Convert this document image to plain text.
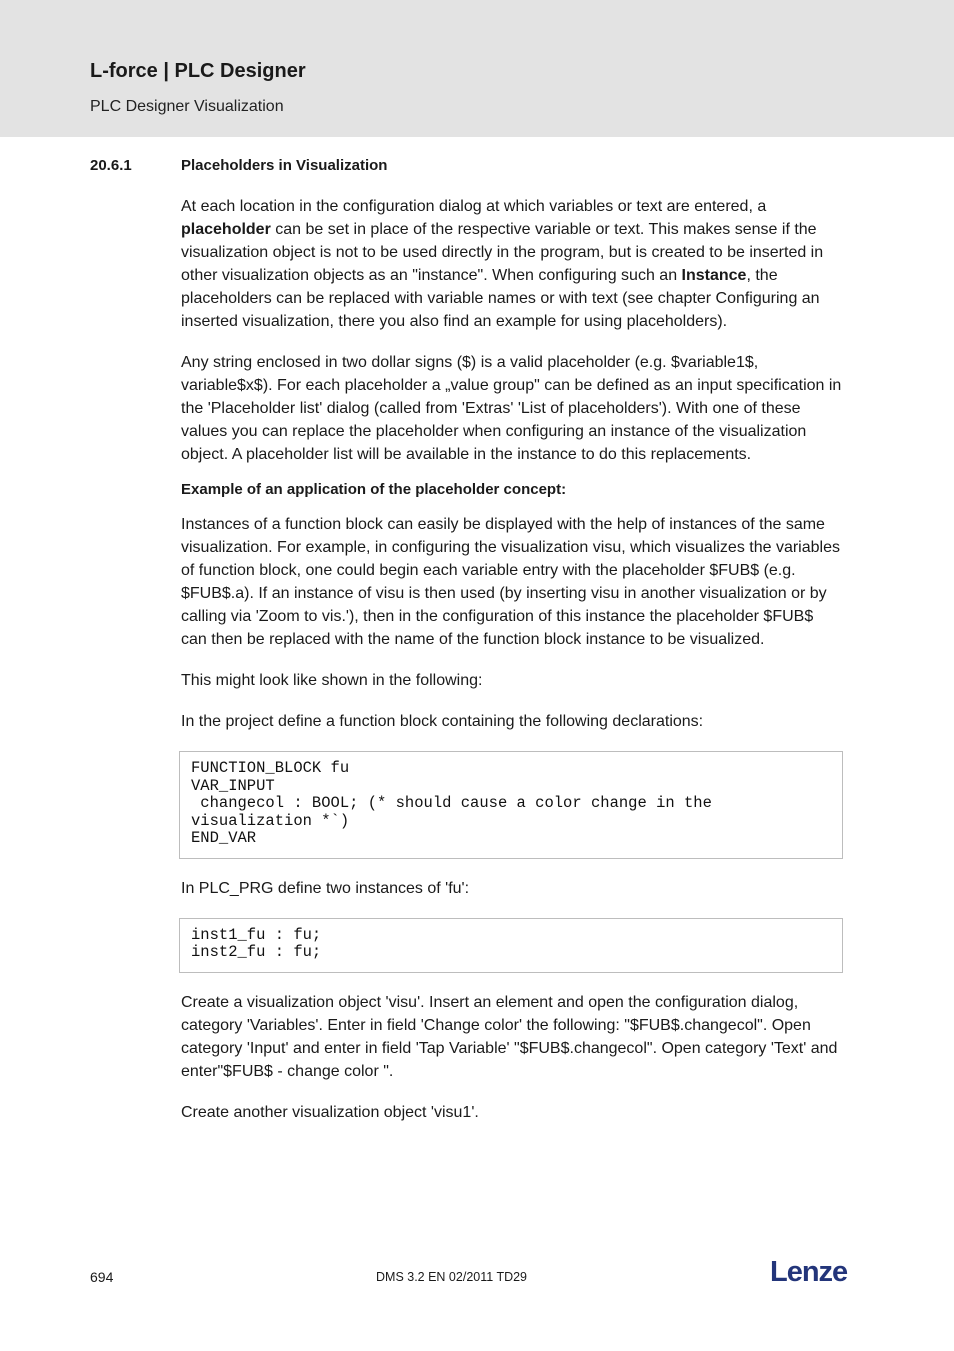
L-force | PLC Designer
PLC Designer Visualization
20.6.1	Placeholders in Visualization

At each location in the configuration dialog at which variables or text are entered, a placeholder can be set in place of the respective variable or text. This makes sense if the visualization object is not to be used directly in the program, but is created to be inserted in other visualization objects as an "instance". When configuring such an Instance, the placeholders can be replaced with variable names or with text (see chapter Configuring an inserted visualization, there you also find an example for using placeholders).

Any string enclosed in two dollar signs ($) is a valid placeholder (e.g. $variable1$, variable$x$). For each placeholder a „value group" can be defined as an input specification in the 'Placeholder list' dialog (called from 'Extras' 'List of placeholders'). With one of these values you can replace the placeholder when configuring an instance of the visualization object. A placeholder list will be available in the instance to do this replacements.

Example of an application of the placeholder concept:

Instances of a function block can easily be displayed with the help of instances of the same visualization. For example, in configuring the visualization visu, which visualizes the variables of function block, one could begin each variable entry with the placeholder $FUB$ (e.g. $FUB$.a). If an instance of visu is then used (by inserting visu in another visualization or by calling via 'Zoom to vis.'), then in the configuration of this instance the placeholder $FUB$ can then be replaced with the name of the function block instance to be visualized.

This might look like shown in the following:

In the project define a function block containing the following declarations:

FUNCTION_BLOCK fu
VAR_INPUT
changecol : BOOL; (* should cause a color change in the
visualization *`)
END_VAR

In PLC_PRG define two instances of 'fu':

inst1_fu : fu;
inst2_fu : fu;

Create a visualization object 'visu'. Insert an element and open the configuration dialog, category 'Variables'. Enter in field 'Change color' the following: "$FUB$.changecol". Open category 'Input' and enter in field 'Tap Variable' "$FUB$.changecol". Open category 'Text' and enter"$FUB$ - change color ".

Create another visualization object 'visu1'.

694	DMS 3.2 EN 02/2011 TD29	Lenze
